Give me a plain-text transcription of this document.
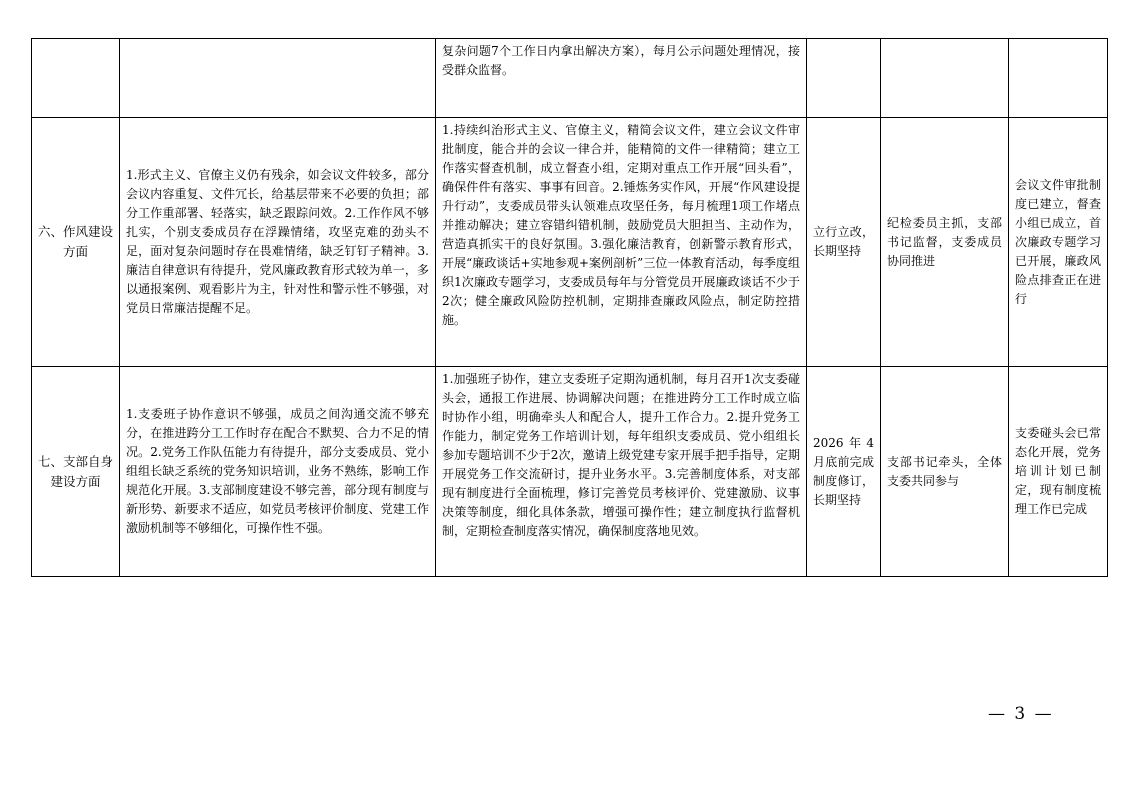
		复杂问题7个工作日内拿出解决方案），每月公示问题处理情况，接受群众监督。			
六、作风建设方面	1.形式主义、官僚主义仍有残余，如会议文件较多，部分会议内容重复、文件冗长，给基层带来不必要的负担；部分工作重部署、轻落实，缺乏跟踪问效。2.工作作风不够扎实，个别支委成员存在浮躁情绪，攻坚克难的劲头不足，面对复杂问题时存在畏难情绪，缺乏钉钉子精神。3.廉洁自律意识有待提升，党风廉政教育形式较为单一，多以通报案例、观看影片为主，针对性和警示性不够强，对党员日常廉洁提醒不足。	1.持续纠治形式主义、官僚主义，精简会议文件，建立会议文件审批制度，能合并的会议一律合并，能精简的文件一律精简；建立工作落实督查机制，成立督查小组，定期对重点工作开展“回头看”，确保件件有落实、事事有回音。2.锤炼务实作风，开展“作风建设提升行动”，支委成员带头认领难点攻坚任务，每月梳理1项工作堵点并推动解决；建立容错纠错机制，鼓励党员大胆担当、主动作为，营造真抓实干的良好氛围。3.强化廉洁教育，创新警示教育形式，开展“廉政谈话+实地参观+案例剖析”三位一体教育活动，每季度组织1次廉政专题学习，支委成员每年与分管党员开展廉政谈话不少于2次；健全廉政风险防控机制，定期排查廉政风险点，制定防控措施。	立行立改，长期坚持	纪检委员主抓，支部书记监督，支委成员协同推进	会议文件审批制度已建立，督查小组已成立，首次廉政专题学习已开展，廉政风险点排查正在进行
七、支部自身建设方面	1.支委班子协作意识不够强，成员之间沟通交流不够充分，在推进跨分工工作时存在配合不默契、合力不足的情况。2.党务工作队伍能力有待提升，部分支委成员、党小组组长缺乏系统的党务知识培训，业务不熟练，影响工作规范化开展。3.支部制度建设不够完善，部分现有制度与新形势、新要求不适应，如党员考核评价制度、党建工作激励机制等不够细化，可操作性不强。	1.加强班子协作，建立支委班子定期沟通机制，每月召开1次支委碰头会，通报工作进展、协调解决问题；在推进跨分工工作时成立临时协作小组，明确牵头人和配合人，提升工作合力。2.提升党务工作能力，制定党务工作培训计划，每年组织支委成员、党小组组长参加专题培训不少于2次，邀请上级党建专家开展手把手指导，定期开展党务工作交流研讨，提升业务水平。3.完善制度体系，对支部现有制度进行全面梳理，修订完善党员考核评价、党建激励、议事决策等制度，细化具体条款，增强可操作性；建立制度执行监督机制，定期检查制度落实情况，确保制度落地见效。	2026年4月底前完成制度修订，长期坚持	支部书记牵头，全体支委共同参与	支委碰头会已常态化开展，党务培训计划已制定，现有制度梳理工作已完成
— 3 —
